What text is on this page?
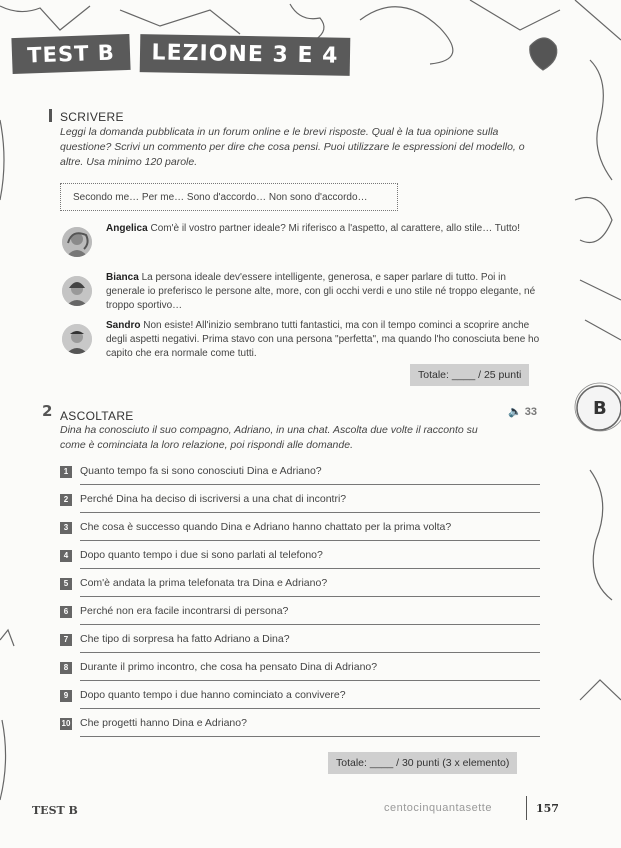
TEST B	LEZIONE 3 E 4
SCRIVERE
Leggi la domanda pubblicata in un forum online e le brevi risposte. Qual è la tua opinione sulla questione? Scrivi un commento per dire che cosa pensi. Puoi utilizzare le espressioni del modello, o altre. Usa minimo 120 parole.
Secondo me… Per me… Sono d'accordo… Non sono d'accordo…
Angelica Com'è il vostro partner ideale? Mi riferisco a l'aspetto, al carattere, allo stile… Tutto!
Bianca La persona ideale dev'essere intelligente, generosa, e saper parlare di tutto. Poi in generale io preferisco le persone alte, more, con gli occhi verdi e uno stile né troppo elegante, né troppo sportivo…
Sandro Non esiste! All'inizio sembrano tutti fantastici, ma con il tempo cominci a scoprire anche degli aspetti negativi. Prima stavo con una persona "perfetta", ma quando l'ho conosciuta bene ho capito che era normale come tutti.
Totale: ____ / 25 punti
2 ASCOLTARE	🔈 33	B
Dina ha conosciuto il suo compagno, Adriano, in una chat. Ascolta due volte il racconto su come è cominciata la loro relazione, poi rispondi alle domande.
1	Quanto tempo fa si sono conosciuti Dina e Adriano?
2	Perché Dina ha deciso di iscriversi a una chat di incontri?
3	Che cosa è successo quando Dina e Adriano hanno chattato per la prima volta?
4	Dopo quanto tempo i due si sono parlati al telefono?
5	Com'è andata la prima telefonata tra Dina e Adriano?
6	Perché non era facile incontrarsi di persona?
7	Che tipo di sorpresa ha fatto Adriano a Dina?
8	Durante il primo incontro, che cosa ha pensato Dina di Adriano?
9	Dopo quanto tempo i due hanno cominciato a convivere?
10 Che progetti hanno Dina e Adriano?
Totale: ____ / 30 punti (3 x elemento)
TEST B	centocinquantasette	157
